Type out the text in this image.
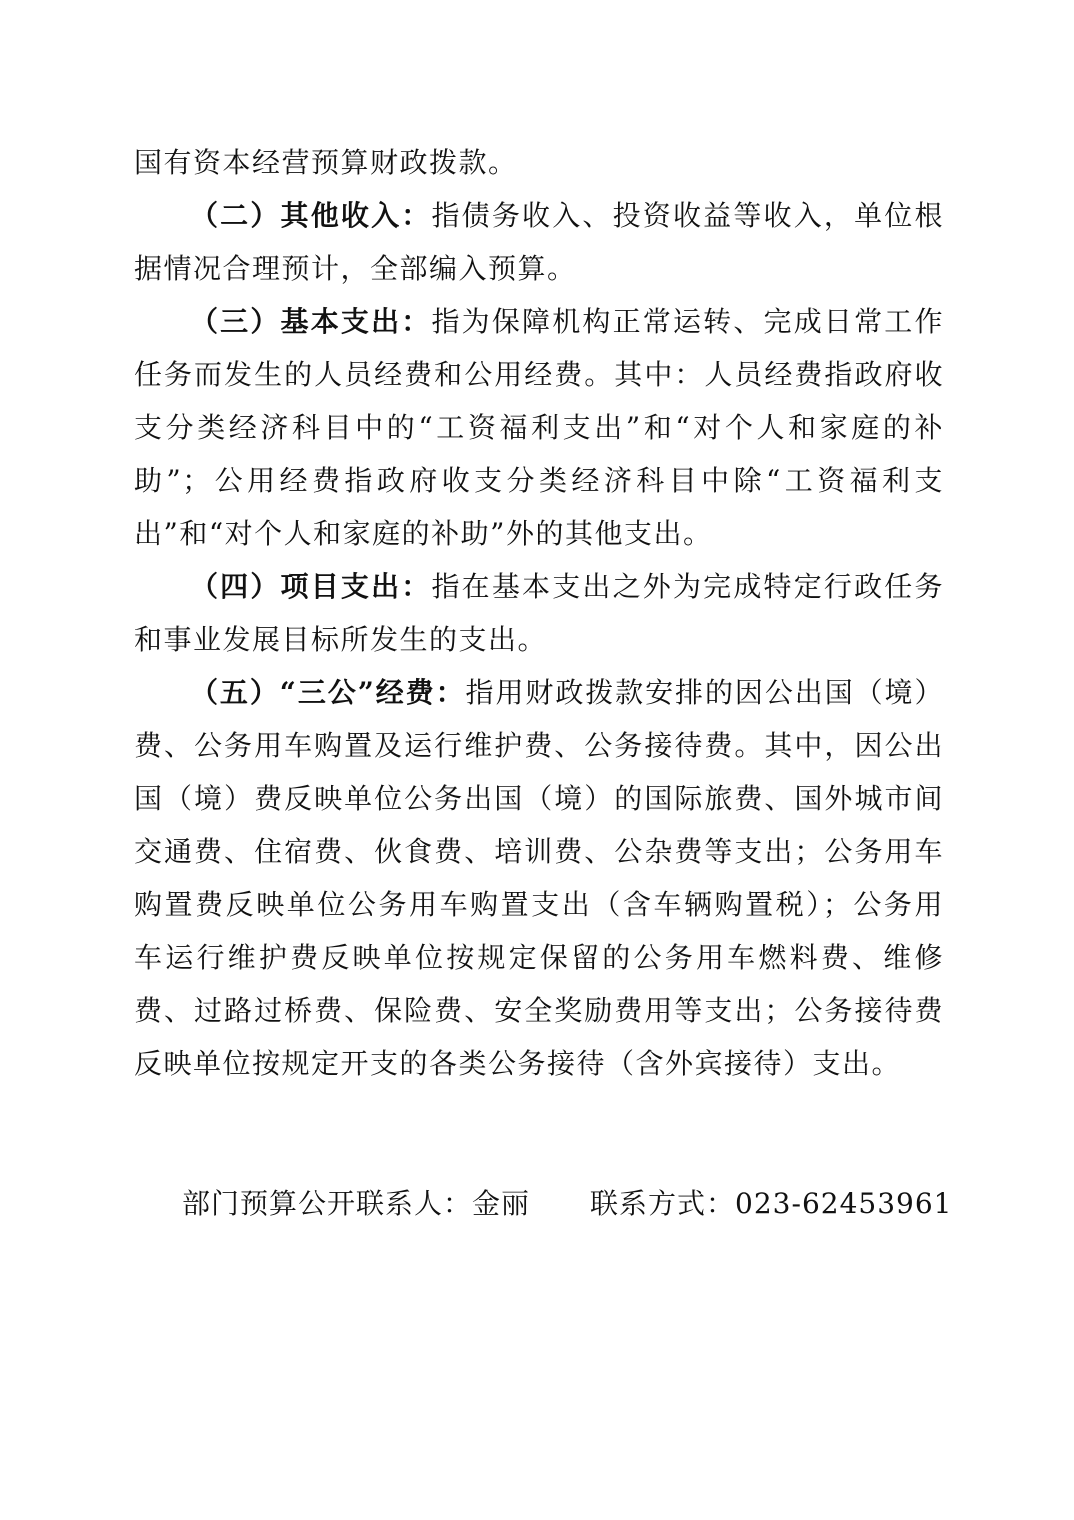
国有资本经营预算财政拨款。

（二）其他收入：指债务收入、投资收益等收入，单位根据情况合理预计，全部编入预算。

（三）基本支出：指为保障机构正常运转、完成日常工作任务而发生的人员经费和公用经费。其中：人员经费指政府收支分类经济科目中的“工资福利支出”和“对个人和家庭的补助”；公用经费指政府收支分类经济科目中除“工资福利支出”和“对个人和家庭的补助”外的其他支出。

（四）项目支出：指在基本支出之外为完成特定行政任务和事业发展目标所发生的支出。

（五）“三公”经费：指用财政拨款安排的因公出国（境）费、公务用车购置及运行维护费、公务接待费。其中，因公出国（境）费反映单位公务出国（境）的国际旅费、国外城市间交通费、住宿费、伙食费、培训费、公杂费等支出；公务用车购置费反映单位公务用车购置支出（含车辆购置税）；公务用车运行维护费反映单位按规定保留的公务用车燃料费、维修费、过路过桥费、保险费、安全奖励费用等支出；公务接待费反映单位按规定开支的各类公务接待（含外宾接待）支出。

部门预算公开联系人：金丽 联系方式：023-62453961
